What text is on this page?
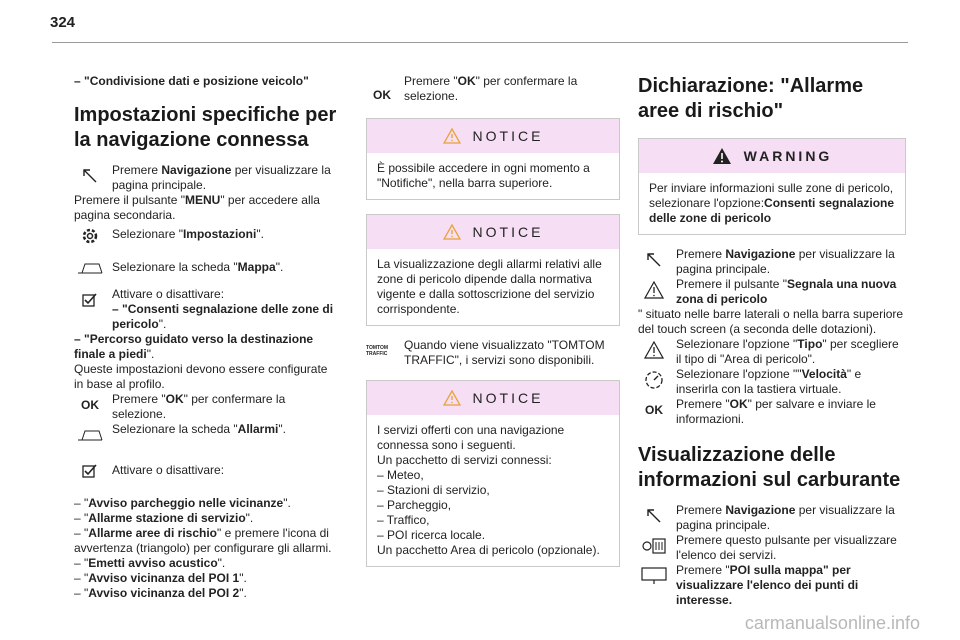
324

– "Condivisione dati e posizione veicolo"

Impostazioni specifiche per la navigazione connessa

Premere Navigazione per visualizzare la pagina principale.

Premere il pulsante "MENU" per accedere alla pagina secondaria.

Selezionare "Impostazioni".

Selezionare la scheda "Mappa".

Attivare o disattivare:

– "Consenti segnalazione delle zone di pericolo".

– "Percorso guidato verso la destinazione finale a piedi".

Queste impostazioni devono essere configurate in base al profilo.

OK	Premere "OK" per confermare la selezione.

Selezionare la scheda "Allarmi".

Attivare o disattivare:

– "Avviso parcheggio nelle vicinanze".

– "Allarme stazione di servizio".

– "Allarme aree di rischio" e premere l'icona di avvertenza (triangolo) per configurare gli allarmi.

– "Emetti avviso acustico".

– "Avviso vicinanza del POI 1".

– "Avviso vicinanza del POI 2".

OK

Premere "OK" per confermare la selezione.

NOTICE
È possibile accedere in ogni momento a "Notifiche", nella barra superiore.
NOTICE
La visualizzazione degli allarmi relativi alle zone di pericolo dipende dalla normativa vigente e dalla sottoscrizione del servizio corrispondente.
TOMTOM TRAFFIC

Quando viene visualizzato "TOMTOM TRAFFIC", i servizi sono disponibili.

NOTICE

I servizi offerti con una navigazione connessa sono i seguenti.

Un pacchetto di servizi connessi:

– Meteo,

– Stazioni di servizio,

– Parcheggio,

– Traffico,

– POI ricerca locale.

Un pacchetto Area di pericolo (opzionale).

Dichiarazione: "Allarme aree di rischio"
WARNING
Per inviare informazioni sulle zone di pericolo, selezionare l'opzione:Consenti segnalazione delle zone di pericolo

Premere Navigazione per visualizzare la pagina principale.

Premere il pulsante "Segnala una nuova zona di pericolo

" situato nelle barre laterali o nella barra superiore del touch screen (a seconda delle dotazioni).

Selezionare l'opzione "Tipo" per scegliere il tipo di "Area di pericolo".

Selezionare l'opzione ""Velocità" e inserirla con la tastiera virtuale.

OK	Premere "OK" per salvare e inviare le informazioni.

Visualizzazione delle informazioni sul carburante

Premere Navigazione per visualizzare la pagina principale.

Premere questo pulsante per visualizzare l'elenco dei servizi.

Premere "POI sulla mappa" per visualizzare l'elenco dei punti di interesse.

carmanualsonline.info
